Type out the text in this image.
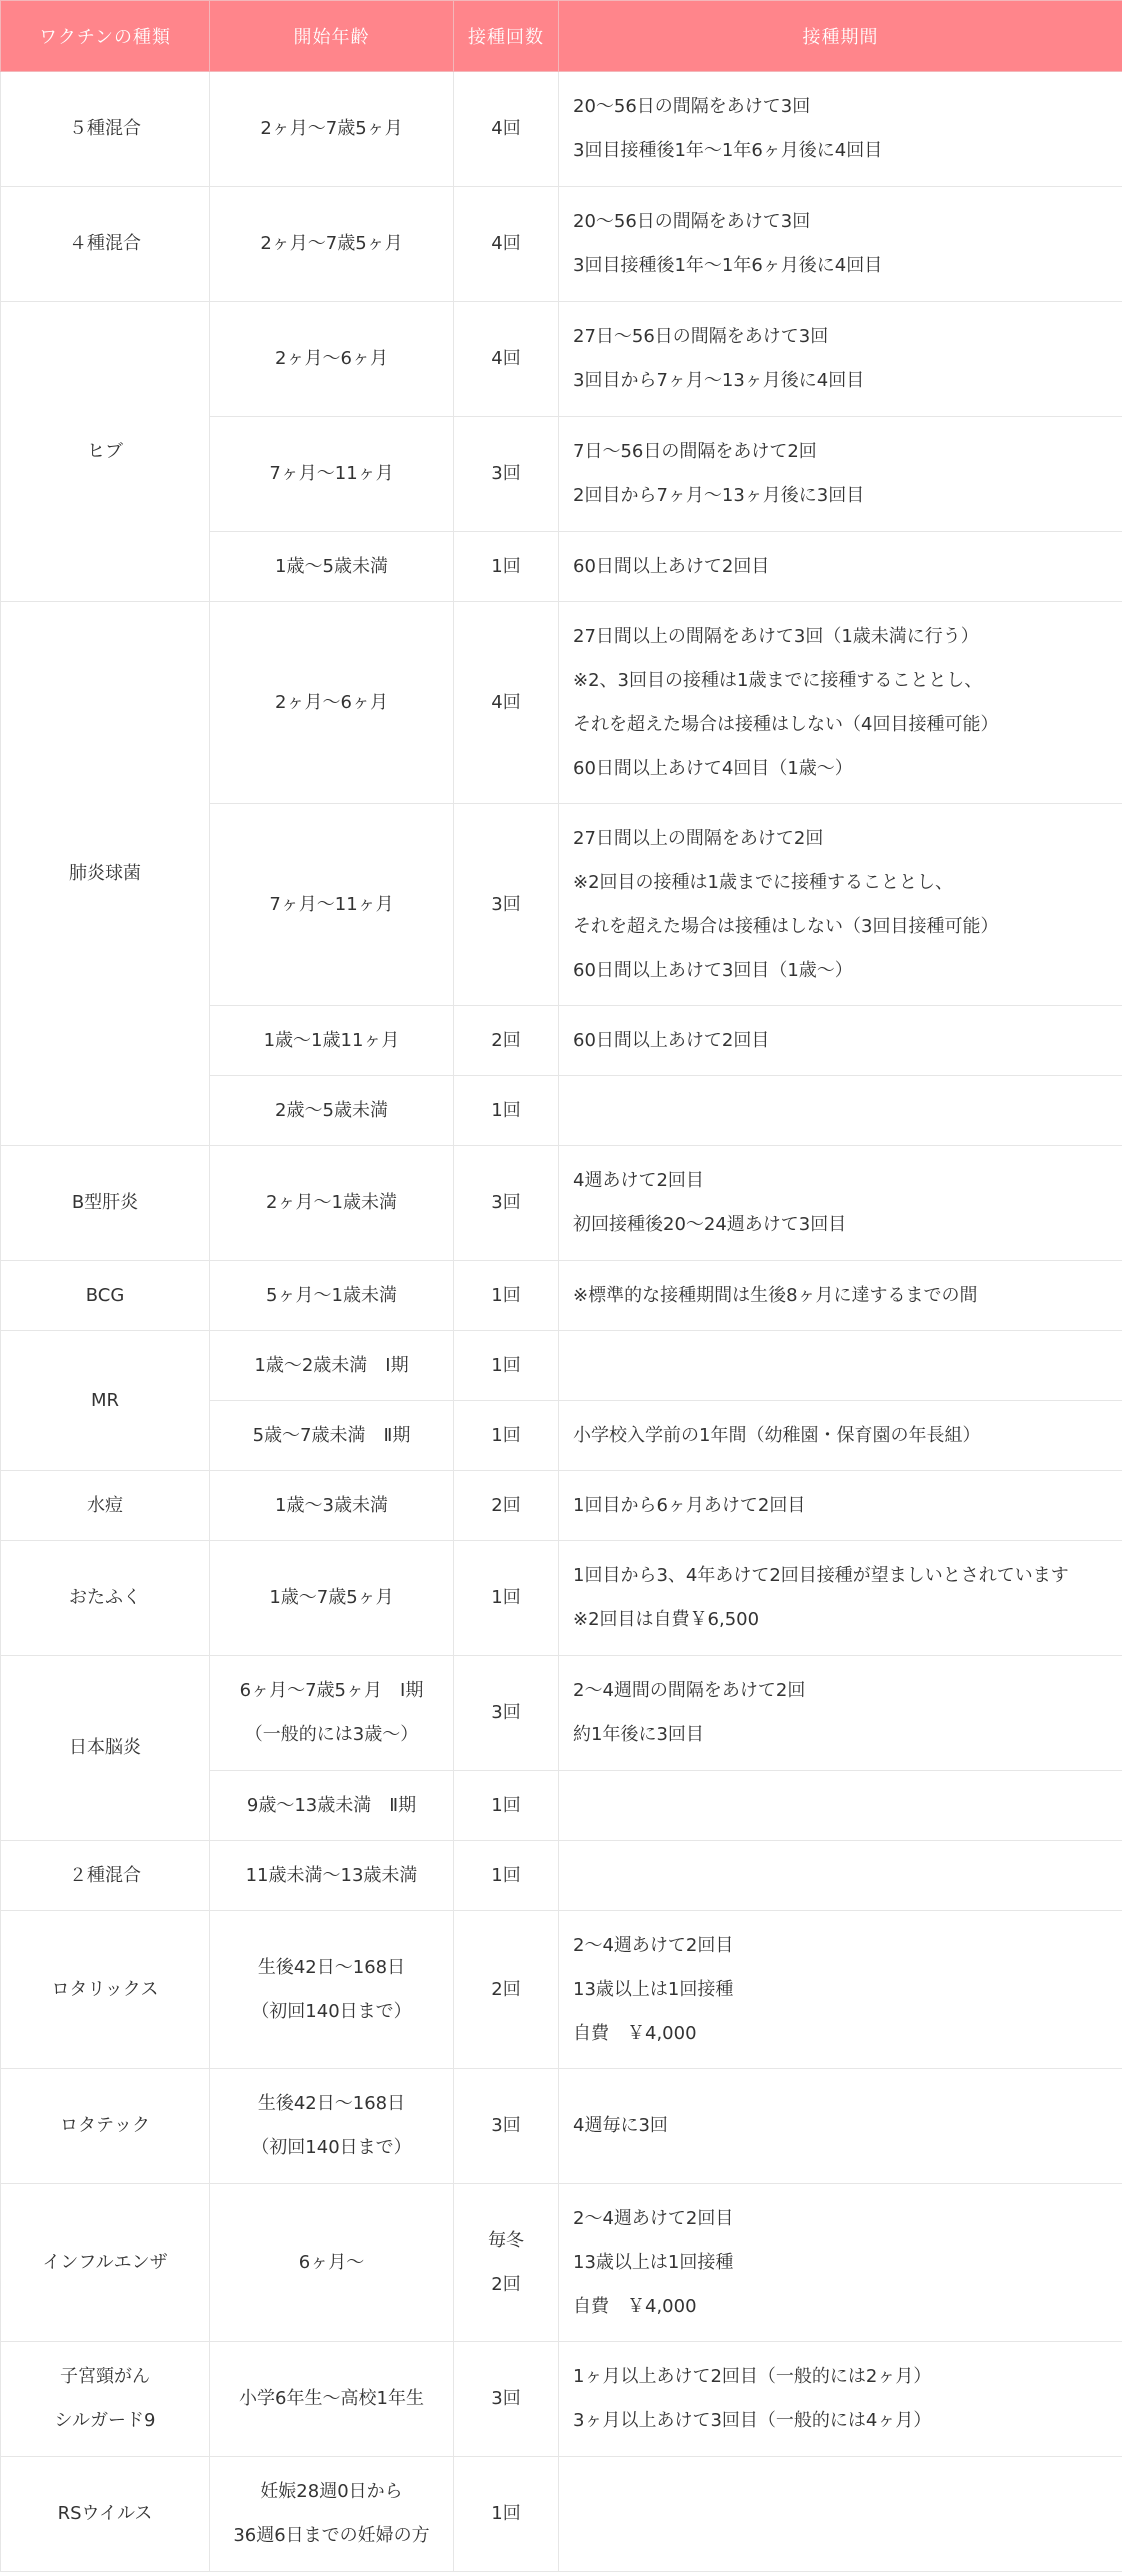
ワクチンの種類	開始年齢	接種回数	接種期間

５種混合	2ヶ月～7歳5ヶ月	4回	20～56日の間隔をあけて3回
3回目接種後1年～1年6ヶ月後に4回目

４種混合	2ヶ月～7歳5ヶ月	4回	20～56日の間隔をあけて3回
3回目接種後1年～1年6ヶ月後に4回目

ヒブ	2ヶ月～6ヶ月	4回	27日～56日の間隔をあけて3回
3回目から7ヶ月～13ヶ月後に4回目

	7ヶ月～11ヶ月	3回	7日～56日の間隔をあけて2回
2回目から7ヶ月～13ヶ月後に3回目

	1歳～5歳未満	1回	60日間以上あけて2回目

肺炎球菌	2ヶ月～6ヶ月	4回	27日間以上の間隔をあけて3回（1歳未満に行う）
※2、3回目の接種は1歳までに接種することとし、
それを超えた場合は接種はしない（4回目接種可能）
60日間以上あけて4回目（1歳～）

	7ヶ月～11ヶ月	3回	27日間以上の間隔をあけて2回
※2回目の接種は1歳までに接種することとし、
それを超えた場合は接種はしない（3回目接種可能）
60日間以上あけて3回目（1歳～）

	1歳～1歳11ヶ月	2回	60日間以上あけて2回目

	2歳～5歳未満	1回	

B型肝炎	2ヶ月～1歳未満	3回	4週あけて2回目
初回接種後20～24週あけて3回目

BCG	5ヶ月～1歳未満	1回	※標準的な接種期間は生後8ヶ月に達するまでの間

MR	1歳～2歳未満　Ⅰ期	1回	

	5歳～7歳未満　Ⅱ期	1回	小学校入学前の1年間（幼稚園・保育園の年長組）

水痘	1歳～3歳未満	2回	1回目から6ヶ月あけて2回目

おたふく	1歳～7歳5ヶ月	1回	1回目から3、4年あけて2回目接種が望ましいとされています
※2回目は自費￥6,500

日本脳炎	6ヶ月～7歳5ヶ月　Ⅰ期
（一般的には3歳～）	3回	2～4週間の間隔をあけて2回
約1年後に3回目

	9歳～13歳未満　Ⅱ期	1回	

２種混合	11歳未満～13歳未満	1回	

ロタリックス	生後42日～168日
（初回140日まで）	2回	2～4週あけて2回目
13歳以上は1回接種
自費　￥4,000

ロタテック	生後42日～168日
（初回140日まで）	3回	4週毎に3回

インフルエンザ	6ヶ月～	毎冬
2回	2～4週あけて2回目
13歳以上は1回接種
自費　￥4,000

子宮頸がん
シルガード9	小学6年生～高校1年生	3回	1ヶ月以上あけて2回目（一般的には2ヶ月）
3ヶ月以上あけて3回目（一般的には4ヶ月）

RSウイルス	妊娠28週0日から
36週6日までの妊婦の方	1回	
